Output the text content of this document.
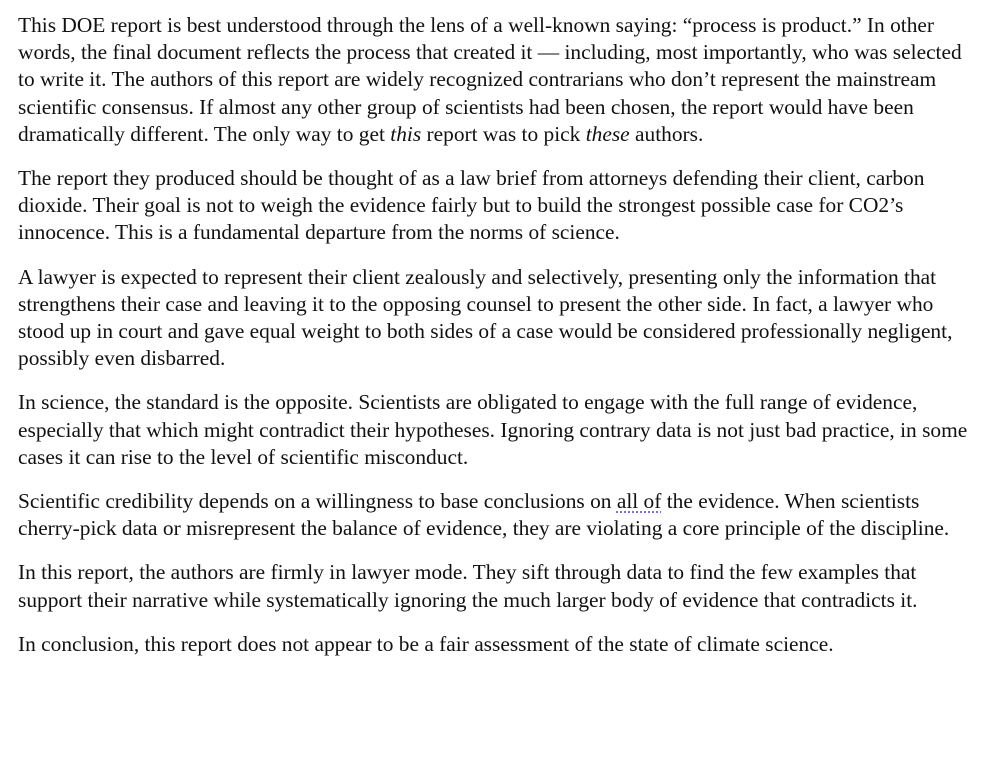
This DOE report is best understood through the lens of a well-known saying: “process is product.” In other words, the final document reflects the process that created it — including, most importantly, who was selected to write it. The authors of this report are widely recognized contrarians who don’t represent the mainstream scientific consensus. If almost any other group of scientists had been chosen, the report would have been dramatically different. The only way to get this report was to pick these authors.

The report they produced should be thought of as a law brief from attorneys defending their client, carbon dioxide. Their goal is not to weigh the evidence fairly but to build the strongest possible case for CO2’s innocence. This is a fundamental departure from the norms of science.

A lawyer is expected to represent their client zealously and selectively, presenting only the information that strengthens their case and leaving it to the opposing counsel to present the other side. In fact, a lawyer who stood up in court and gave equal weight to both sides of a case would be considered professionally negligent, possibly even disbarred.

In science, the standard is the opposite. Scientists are obligated to engage with the full range of evidence, especially that which might contradict their hypotheses. Ignoring contrary data is not just bad practice, in some cases it can rise to the level of scientific misconduct.

Scientific credibility depends on a willingness to base conclusions on all of the evidence. When scientists cherry-pick data or misrepresent the balance of evidence, they are violating a core principle of the discipline.

In this report, the authors are firmly in lawyer mode. They sift through data to find the few examples that support their narrative while systematically ignoring the much larger body of evidence that contradicts it.

In conclusion, this report does not appear to be a fair assessment of the state of climate science.
